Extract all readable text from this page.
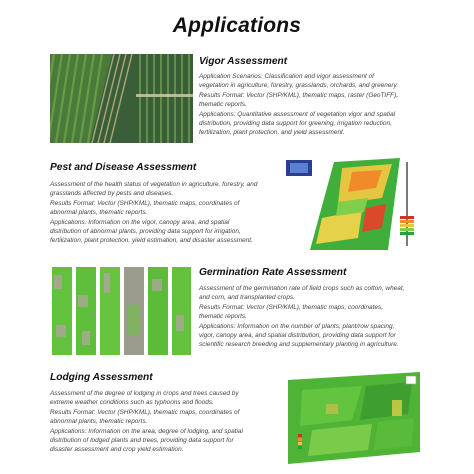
Applications
Vigor Assessment
Application Scenarios: Classification and vigor assessment of
vegetation in agriculture, forestry, grasslands, orchards, and greenery.
Results Format: Vector (SHP/KML), thematic maps, raster (GeoTIFF),
thematic reports.
Applications: Quantitative assessment of vegetation vigor and spatial
distribution, providing data support for greening, irrigation reduction,
fertilization, plant protection, and yield assessment.
Pest and Disease Assessment
Assessment of the health status of vegetation in agriculture, forestry, and
grasslands affected by pests and diseases.
Results Format: Vector (SHP/KML), thematic maps, coordinates of
abnormal plants, thematic reports.
Applications: Information on the vigor, canopy area, and spatial
distribution of abnormal plants, providing data support for irrigation,
fertilization, plant protection, yield estimation, and disaster assessment.
Germination Rate Assessment
Assessment of the germination rate of field crops such as cotton, wheat,
and corn, and transplanted crops.
Results Format: Vector (SHP/KML), thematic maps, coordinates,
thematic reports.
Applications: Information on the number of plants, plant/row spacing,
vigor, canopy area, and spatial distribution, providing data support for
scientific research breeding and supplementary planting in agriculture.
Lodging Assessment
Assessment of the degree of lodging in crops and trees caused by
extreme weather conditions such as typhoons and floods.
Results Format: Vector (SHP/KML), thematic maps, coordinates of
abnormal plants, thematic reports.
Applications: Information on the area, degree of lodging, and spatial
distribution of lodged plants and trees, providing data support for
disaster assessment and crop yield estimation.
